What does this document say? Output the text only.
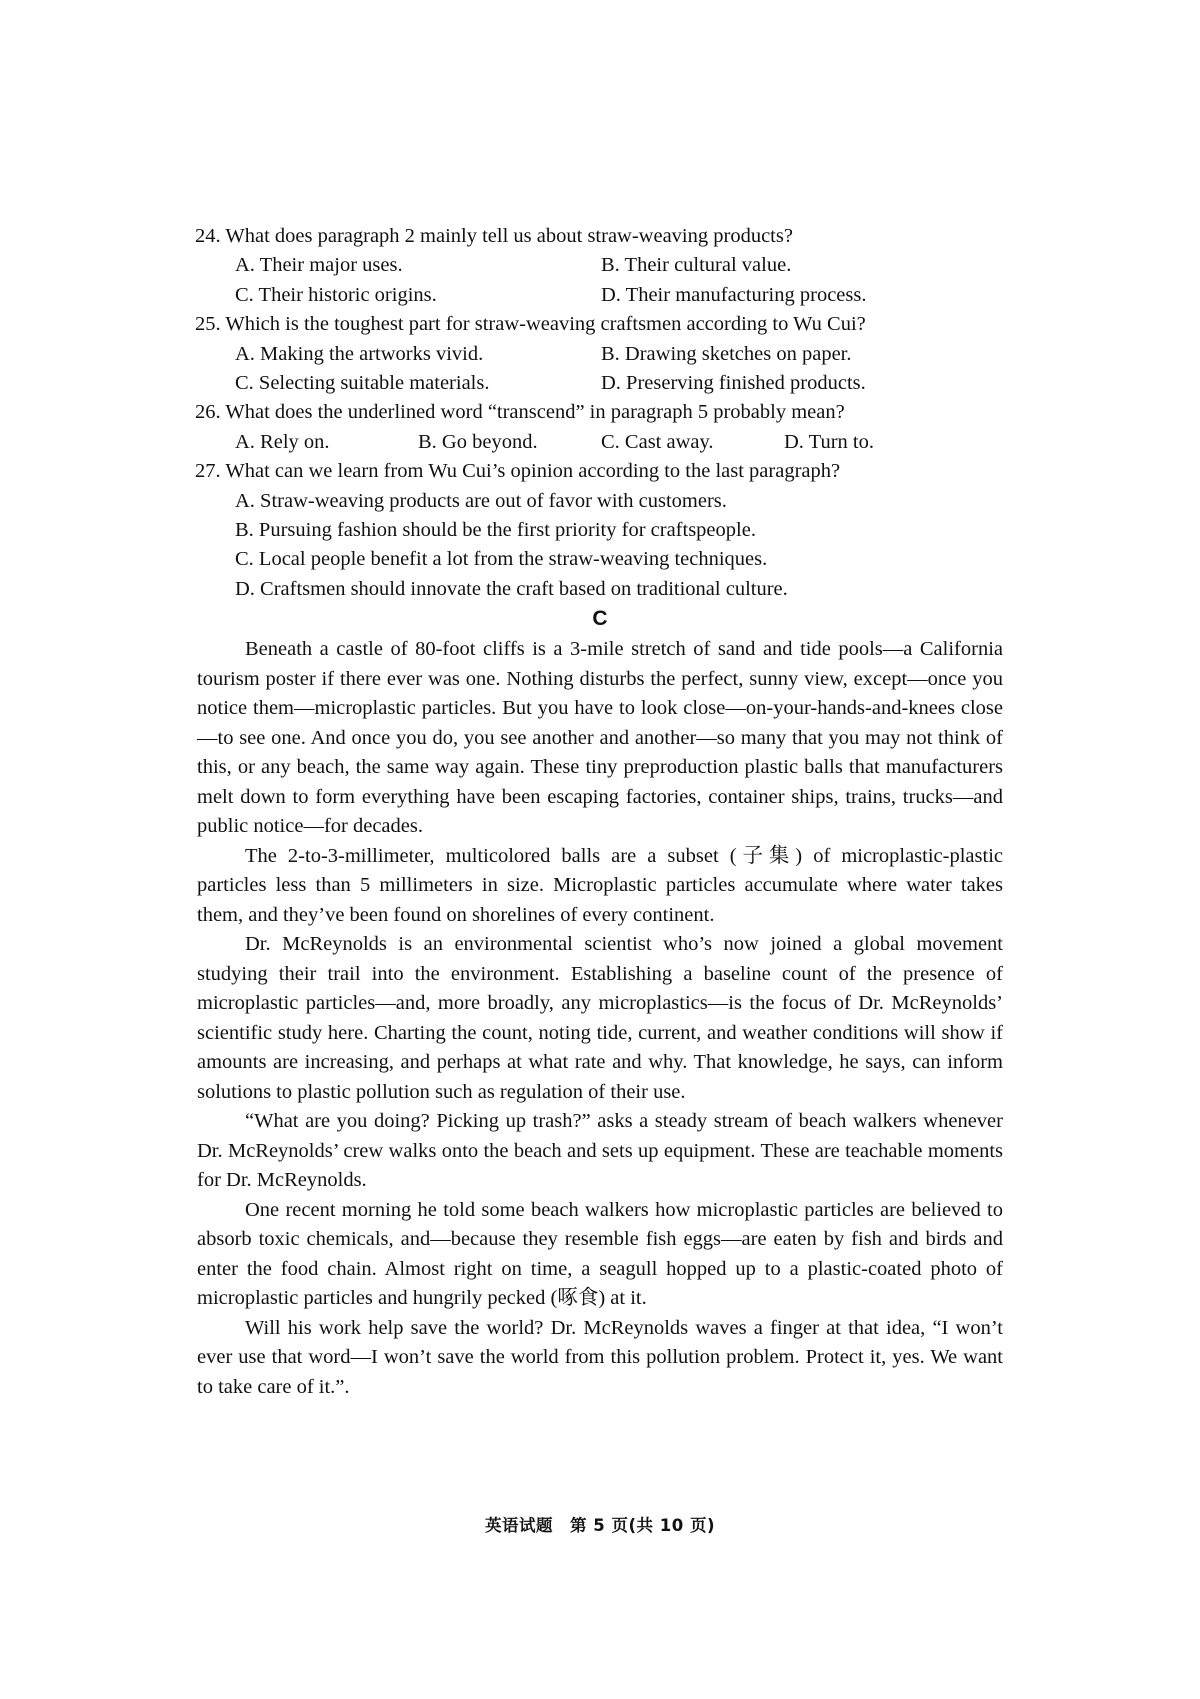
24. What does paragraph 2 mainly tell us about straw-weaving products?
A. Their major uses.	B. Their cultural value.
C. Their historic origins.	D. Their manufacturing process.
25. Which is the toughest part for straw-weaving craftsmen according to Wu Cui?
A. Making the artworks vivid.	B. Drawing sketches on paper.
C. Selecting suitable materials.	D. Preserving finished products.
26. What does the underlined word “transcend” in paragraph 5 probably mean?
A. Rely on.	B. Go beyond.	C. Cast away.	D. Turn to.
27. What can we learn from Wu Cui’s opinion according to the last paragraph?
A. Straw-weaving products are out of favor with customers.
B. Pursuing fashion should be the first priority for craftspeople.
C. Local people benefit a lot from the straw-weaving techniques.
D. Craftsmen should innovate the craft based on traditional culture.
C

Beneath a castle of 80-foot cliffs is a 3-mile stretch of sand and tide pools—a California tourism poster if there ever was one. Nothing disturbs the perfect, sunny view, except—once you notice them—microplastic particles. But you have to look close—on-your-hands-and-knees close—to see one. And once you do, you see another and another—so many that you may not think of this, or any beach, the same way again. These tiny preproduction plastic balls that manufacturers melt down to form everything have been escaping factories, container ships, trains, trucks—and public notice—for decades.

The 2-to-3-millimeter, multicolored balls are a subset (子集) of microplastic-plastic particles less than 5 millimeters in size. Microplastic particles accumulate where water takes them, and they’ve been found on shorelines of every continent.

Dr. McReynolds is an environmental scientist who’s now joined a global movement studying their trail into the environment. Establishing a baseline count of the presence of microplastic particles—and, more broadly, any microplastics—is the focus of Dr. McReynolds’ scientific study here. Charting the count, noting tide, current, and weather conditions will show if amounts are increasing, and perhaps at what rate and why. That knowledge, he says, can inform solutions to plastic pollution such as regulation of their use.

“What are you doing? Picking up trash?” asks a steady stream of beach walkers whenever Dr. McReynolds’ crew walks onto the beach and sets up equipment. These are teachable moments for Dr. McReynolds.

One recent morning he told some beach walkers how microplastic particles are believed to absorb toxic chemicals, and—because they resemble fish eggs—are eaten by fish and birds and enter the food chain. Almost right on time, a seagull hopped up to a plastic-coated photo of microplastic particles and hungrily pecked (啄食) at it.

Will his work help save the world? Dr. McReynolds waves a finger at that idea, “I won’t ever use that word—I won’t save the world from this pollution problem. Protect it, yes. We want to take care of it.”.

英语试题　第 5 页(共 10 页)
